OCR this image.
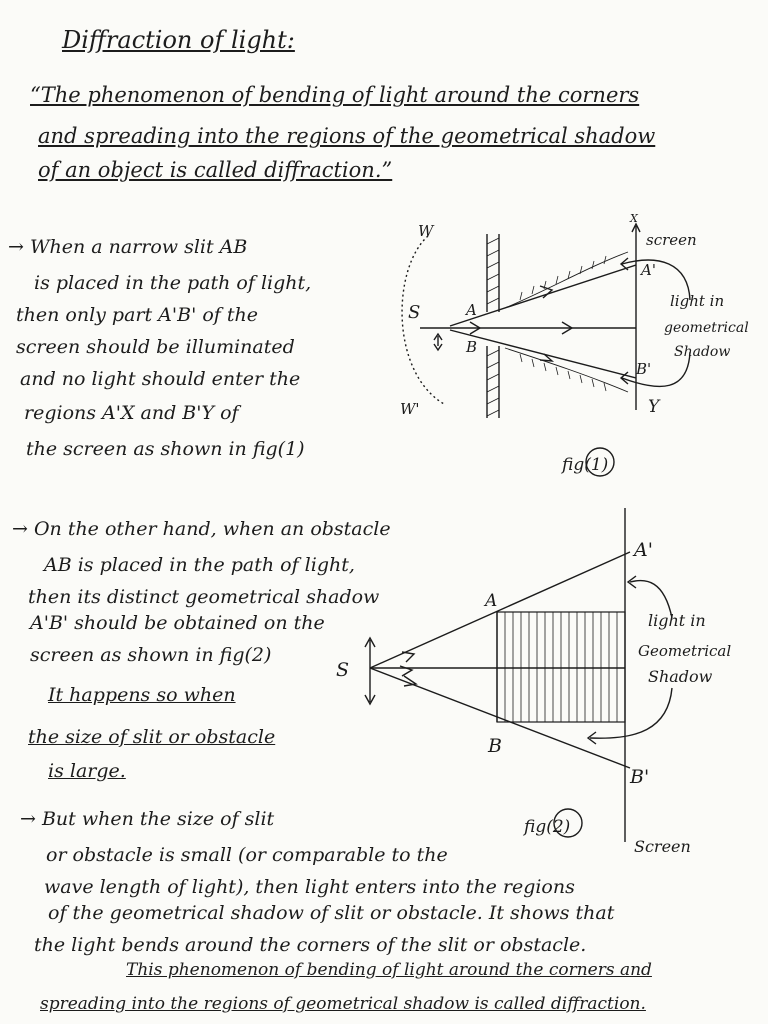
Diffraction of light:
“The phenomenon of bending of light around the corners
and spreading into the regions of the geometrical shadow
of an object is called diffraction.”
→ When a narrow slit AB
is placed in the path of light,
then only part A'B' of the
screen should be illuminated
and no light should enter the
regions A'X and B'Y of
the screen as shown in fig(1)
W
W'
S	A
B
A'
B'
X
Y
screen
light in
geometrical
Shadow
fig(1)
→ On the other hand, when an obstacle
AB is placed in the path of light,
then its distinct geometrical shadow
A'B' should be obtained on the
screen as shown in fig(2)
It happens so when
the size of slit or obstacle
is large.
S
A
B
A'
B'
light in
Geometrical
Shadow
Screen
fig(2)
→ But when the size of slit
or obstacle is small (or comparable to the
wave length of light), then light enters into the regions
of the geometrical shadow of slit or obstacle. It shows that
the light bends around the corners of the slit or obstacle.
This phenomenon of bending of light around the corners and
spreading into the regions of geometrical shadow is called diffraction.
